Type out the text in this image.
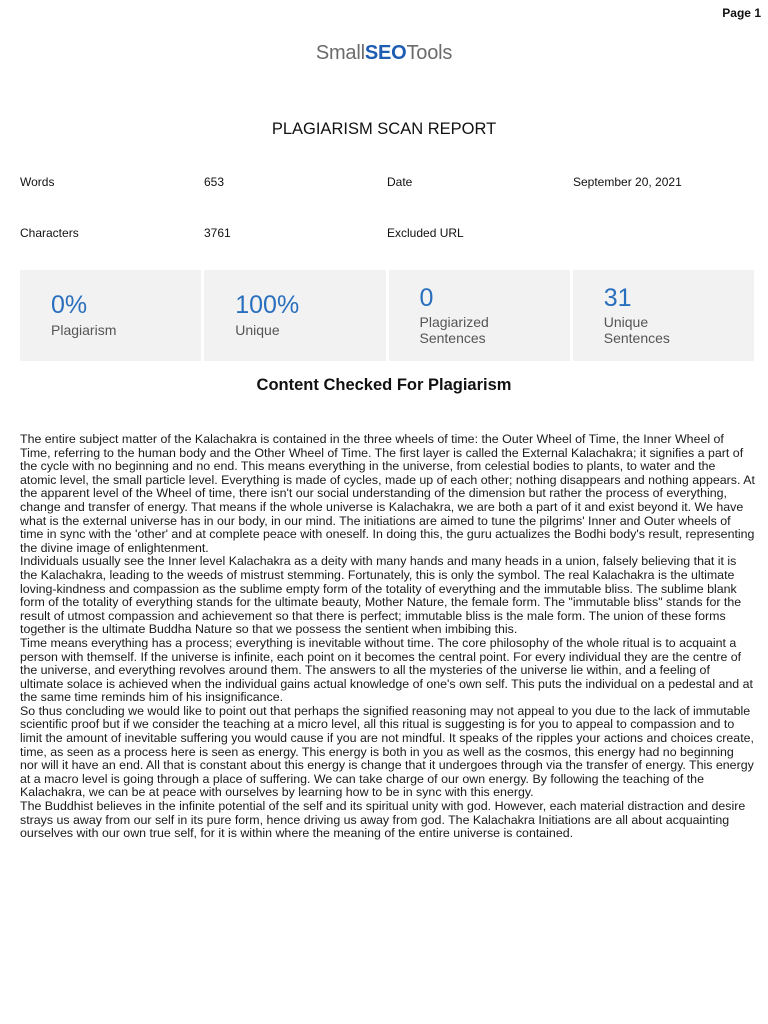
Page 1
Small SEO Tools
PLAGIARISM SCAN REPORT
Words	653	Date	September 20, 2021
Characters	3761	Excluded URL
0%
Plagiarism
100%
Unique
0
Plagiarized Sentences
31
Unique Sentences
Content Checked For Plagiarism

The entire subject matter of the Kalachakra is contained in the three wheels of time: the Outer Wheel of Time, the Inner Wheel of Time, referring to the human body and the Other Wheel of Time. The first layer is called the External Kalachakra; it signifies a part of the cycle with no beginning and no end. This means everything in the universe, from celestial bodies to plants, to water and the atomic level, the small particle level. Everything is made of cycles, made up of each other; nothing disappears and nothing appears. At the apparent level of the Wheel of time, there isn't our social understanding of the dimension but rather the process of everything, change and transfer of energy. That means if the whole universe is Kalachakra, we are both a part of it and exist beyond it. We have what is the external universe has in our body, in our mind. The initiations are aimed to tune the pilgrims' Inner and Outer wheels of time in sync with the 'other' and at complete peace with oneself. In doing this, the guru actualizes the Bodhi body's result, representing the divine image of enlightenment.

Individuals usually see the Inner level Kalachakra as a deity with many hands and many heads in a union, falsely believing that it is the Kalachakra, leading to the weeds of mistrust stemming. Fortunately, this is only the symbol. The real Kalachakra is the ultimate loving-kindness and compassion as the sublime empty form of the totality of everything and the immutable bliss. The sublime blank form of the totality of everything stands for the ultimate beauty, Mother Nature, the female form. The "immutable bliss" stands for the result of utmost compassion and achievement so that there is perfect; immutable bliss is the male form. The union of these forms together is the ultimate Buddha Nature so that we possess the sentient when imbibing this.

Time means everything has a process; everything is inevitable without time. The core philosophy of the whole ritual is to acquaint a person with themself. If the universe is infinite, each point on it becomes the central point. For every individual they are the centre of the universe, and everything revolves around them. The answers to all the mysteries of the universe lie within, and a feeling of ultimate solace is achieved when the individual gains actual knowledge of one's own self. This puts the individual on a pedestal and at the same time reminds him of his insignificance.

So thus concluding we would like to point out that perhaps the signified reasoning may not appeal to you due to the lack of immutable scientific proof but if we consider the teaching at a micro level, all this ritual is suggesting is for you to appeal to compassion and to limit the amount of inevitable suffering you would cause if you are not mindful. It speaks of the ripples your actions and choices create, time, as seen as a process here is seen as energy. This energy is both in you as well as the cosmos, this energy had no beginning nor will it have an end. All that is constant about this energy is change that it undergoes through via the transfer of energy. This energy at a macro level is going through a place of suffering. We can take charge of our own energy. By following the teaching of the Kalachakra, we can be at peace with ourselves by learning how to be in sync with this energy.

The Buddhist believes in the infinite potential of the self and its spiritual unity with god. However, each material distraction and desire strays us away from our self in its pure form, hence driving us away from god. The Kalachakra Initiations are all about acquainting ourselves with our own true self, for it is within where the meaning of the entire universe is contained.
